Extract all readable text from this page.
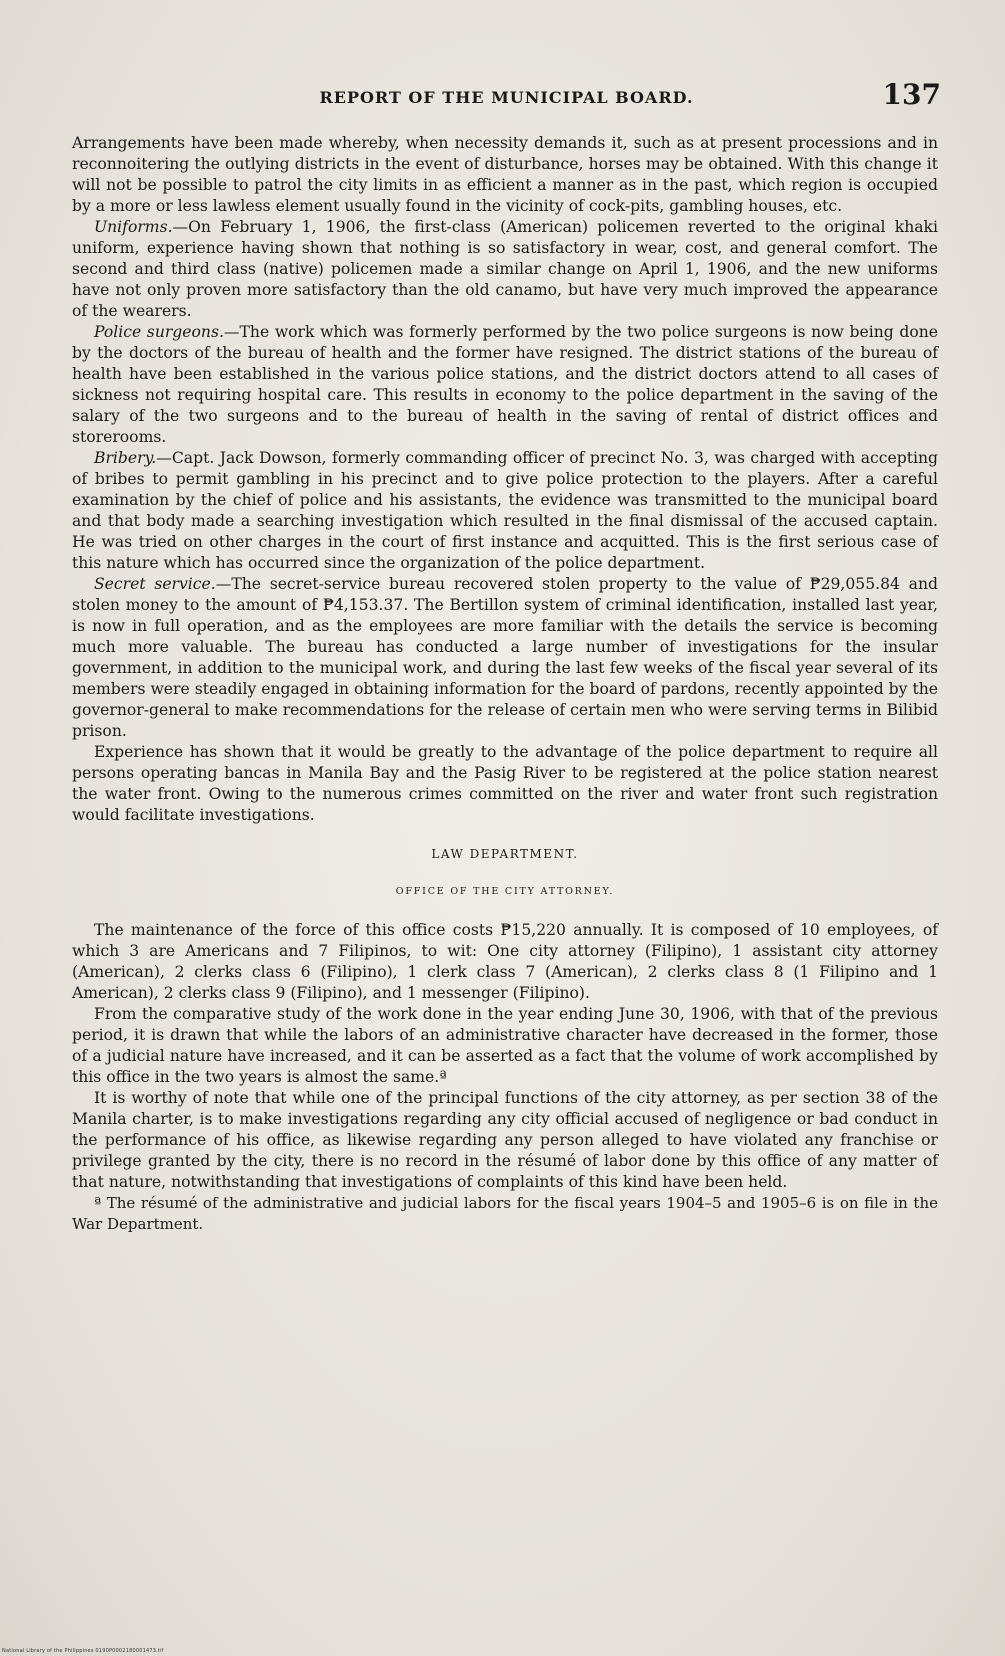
REPORT OF THE MUNICIPAL BOARD.	137

Arrangements have been made whereby, when necessity demands it, such as at present processions and in reconnoitering the outlying districts in the event of disturbance, horses may be obtained. With this change it will not be possible to patrol the city limits in as efficient a manner as in the past, which region is occupied by a more or less lawless element usually found in the vicinity of cock-pits, gambling houses, etc.

Uniforms.—On February 1, 1906, the first-class (American) policemen reverted to the original khaki uniform, experience having shown that nothing is so satisfactory in wear, cost, and general comfort. The second and third class (native) policemen made a similar change on April 1, 1906, and the new uniforms have not only proven more satisfactory than the old canamo, but have very much improved the appearance of the wearers.

Police surgeons.—The work which was formerly performed by the two police surgeons is now being done by the doctors of the bureau of health and the former have resigned. The district stations of the bureau of health have been established in the various police stations, and the district doctors attend to all cases of sickness not requiring hospital care. This results in economy to the police department in the saving of the salary of the two surgeons and to the bureau of health in the saving of rental of district offices and storerooms.

Bribery.—Capt. Jack Dowson, formerly commanding officer of precinct No. 3, was charged with accepting of bribes to permit gambling in his precinct and to give police protection to the players. After a careful examination by the chief of police and his assistants, the evidence was transmitted to the municipal board and that body made a searching investigation which resulted in the final dismissal of the accused captain. He was tried on other charges in the court of first instance and acquitted. This is the first serious case of this nature which has occurred since the organization of the police department.

Secret service.—The secret-service bureau recovered stolen property to the value of ₱29,055.84 and stolen money to the amount of ₱4,153.37. The Bertillon system of criminal identification, installed last year, is now in full operation, and as the employees are more familiar with the details the service is becoming much more valuable. The bureau has conducted a large number of investigations for the insular government, in addition to the municipal work, and during the last few weeks of the fiscal year several of its members were steadily engaged in obtaining information for the board of pardons, recently appointed by the governor-general to make recommendations for the release of certain men who were serving terms in Bilibid prison.

Experience has shown that it would be greatly to the advantage of the police department to require all persons operating bancas in Manila Bay and the Pasig River to be registered at the police station nearest the water front. Owing to the numerous crimes committed on the river and water front such registration would facilitate investigations.

LAW DEPARTMENT.
OFFICE OF THE CITY ATTORNEY.

The maintenance of the force of this office costs ₱15,220 annually. It is composed of 10 employees, of which 3 are Americans and 7 Filipinos, to wit: One city attorney (Filipino), 1 assistant city attorney (American), 2 clerks class 6 (Filipino), 1 clerk class 7 (American), 2 clerks class 8 (1 Filipino and 1 American), 2 clerks class 9 (Filipino), and 1 messenger (Filipino).

From the comparative study of the work done in the year ending June 30, 1906, with that of the previous period, it is drawn that while the labors of an administrative character have decreased in the former, those of a judicial nature have increased, and it can be asserted as a fact that the volume of work accomplished by this office in the two years is almost the same.ª

It is worthy of note that while one of the principal functions of the city attorney, as per section 38 of the Manila charter, is to make investigations regarding any city official accused of negligence or bad conduct in the performance of his office, as likewise regarding any person alleged to have violated any franchise or privilege granted by the city, there is no record in the résumé of labor done by this office of any matter of that nature, notwithstanding that investigations of complaints of this kind have been held.

ª The résumé of the administrative and judicial labors for the fiscal years 1904–5 and 1905–6 is on file in the War Department.

National Library of the Philippines 0190P0002180001473.tif
